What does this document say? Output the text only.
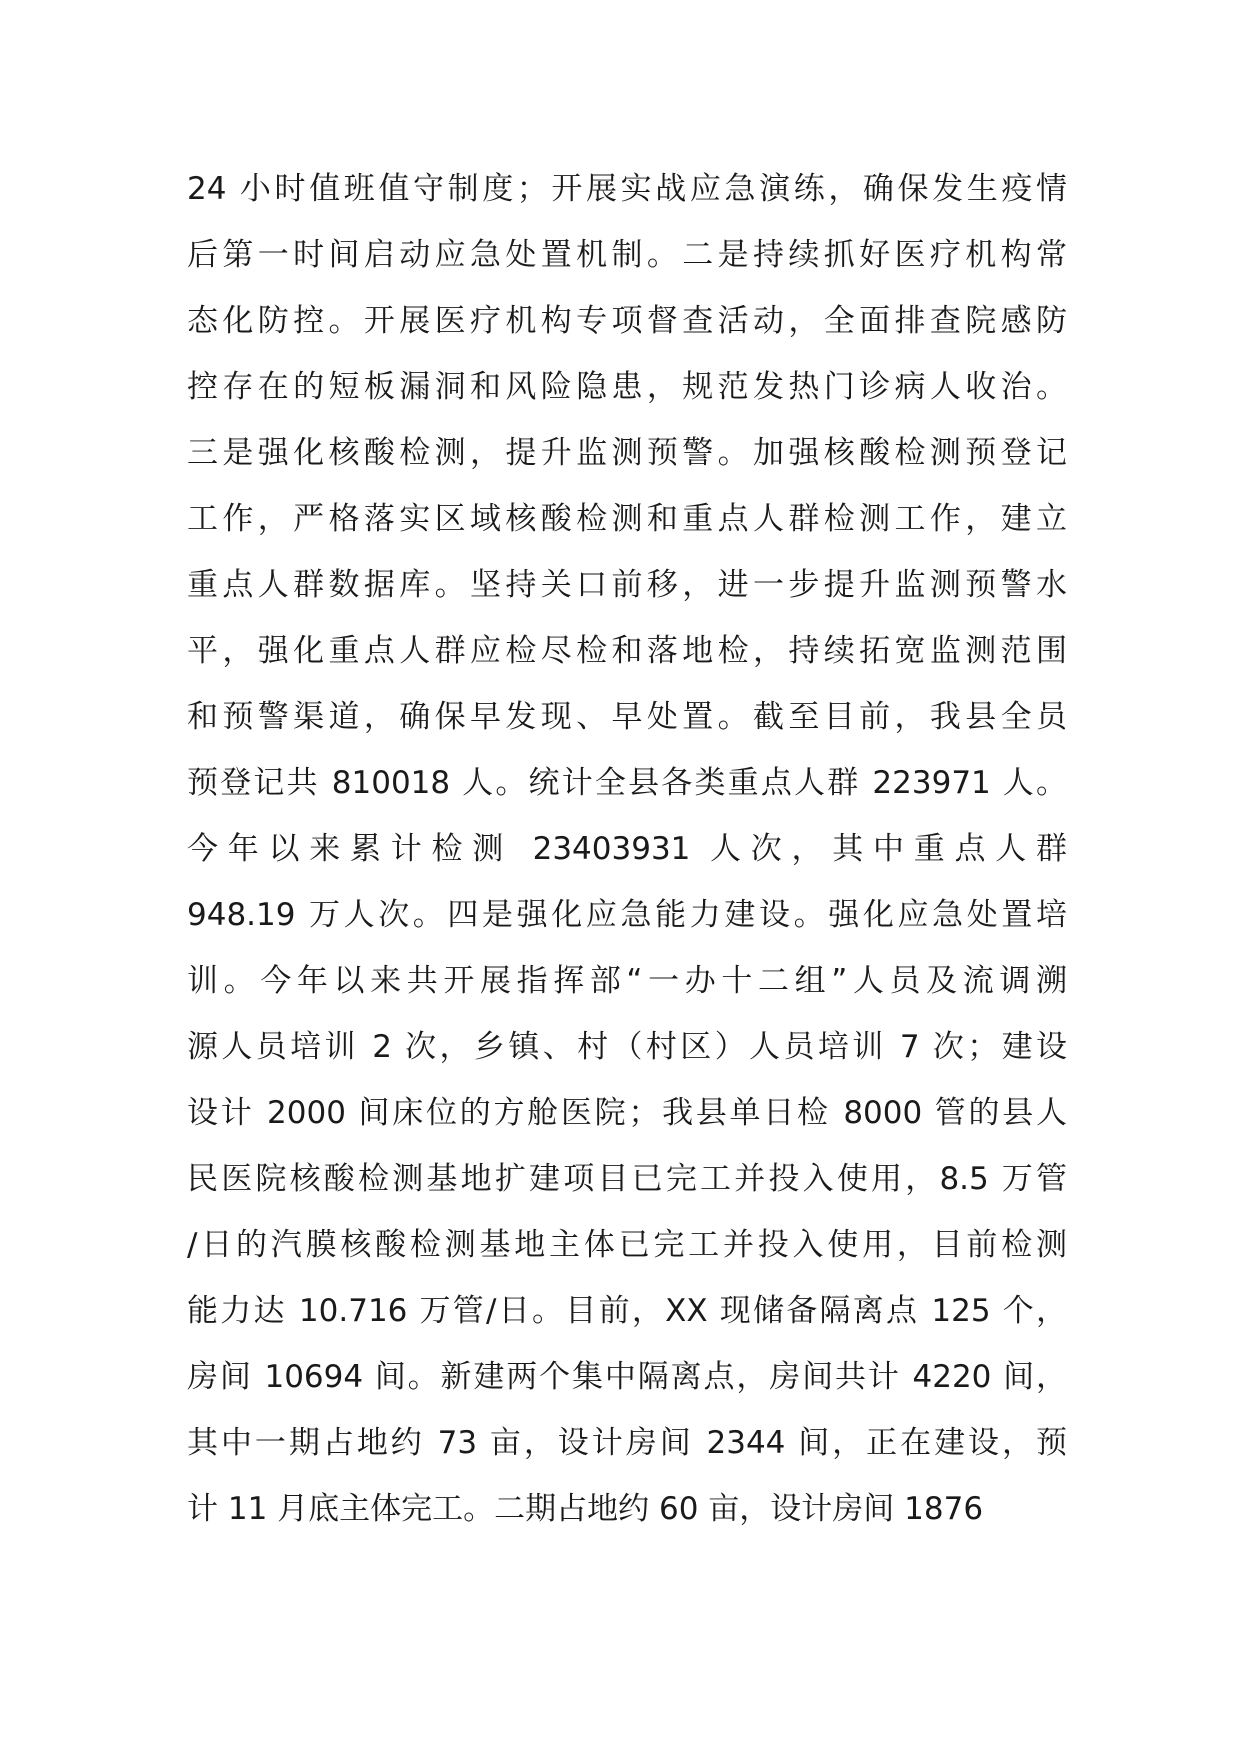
24 小时值班值守制度；开展实战应急演练，确保发生疫情
后第一时间启动应急处置机制。二是持续抓好医疗机构常
态化防控。开展医疗机构专项督查活动，全面排查院感防
控存在的短板漏洞和风险隐患，规范发热门诊病人收治。
三是强化核酸检测，提升监测预警。加强核酸检测预登记
工作，严格落实区域核酸检测和重点人群检测工作，建立
重点人群数据库。坚持关口前移，进一步提升监测预警水
平，强化重点人群应检尽检和落地检，持续拓宽监测范围
和预警渠道，确保早发现、早处置。截至目前，我县全员
预登记共 810018 人。统计全县各类重点人群 223971 人。
今年以来累计检测 23403931 人次，其中重点人群
948.19 万人次。四是强化应急能力建设。强化应急处置培
训。今年以来共开展指挥部“一办十二组”人员及流调溯
源人员培训 2 次，乡镇、村（村区）人员培训 7 次；建设
设计 2000 间床位的方舱医院；我县单日检 8000 管的县人
民医院核酸检测基地扩建项目已完工并投入使用，8.5 万管
/日的汽膜核酸检测基地主体已完工并投入使用，目前检测
能力达 10.716 万管/日。目前，XX 现储备隔离点 125 个，
房间 10694 间。新建两个集中隔离点，房间共计 4220 间，
其中一期占地约 73 亩，设计房间 2344 间，正在建设，预
计 11 月底主体完工。二期占地约 60 亩，设计房间 1876
